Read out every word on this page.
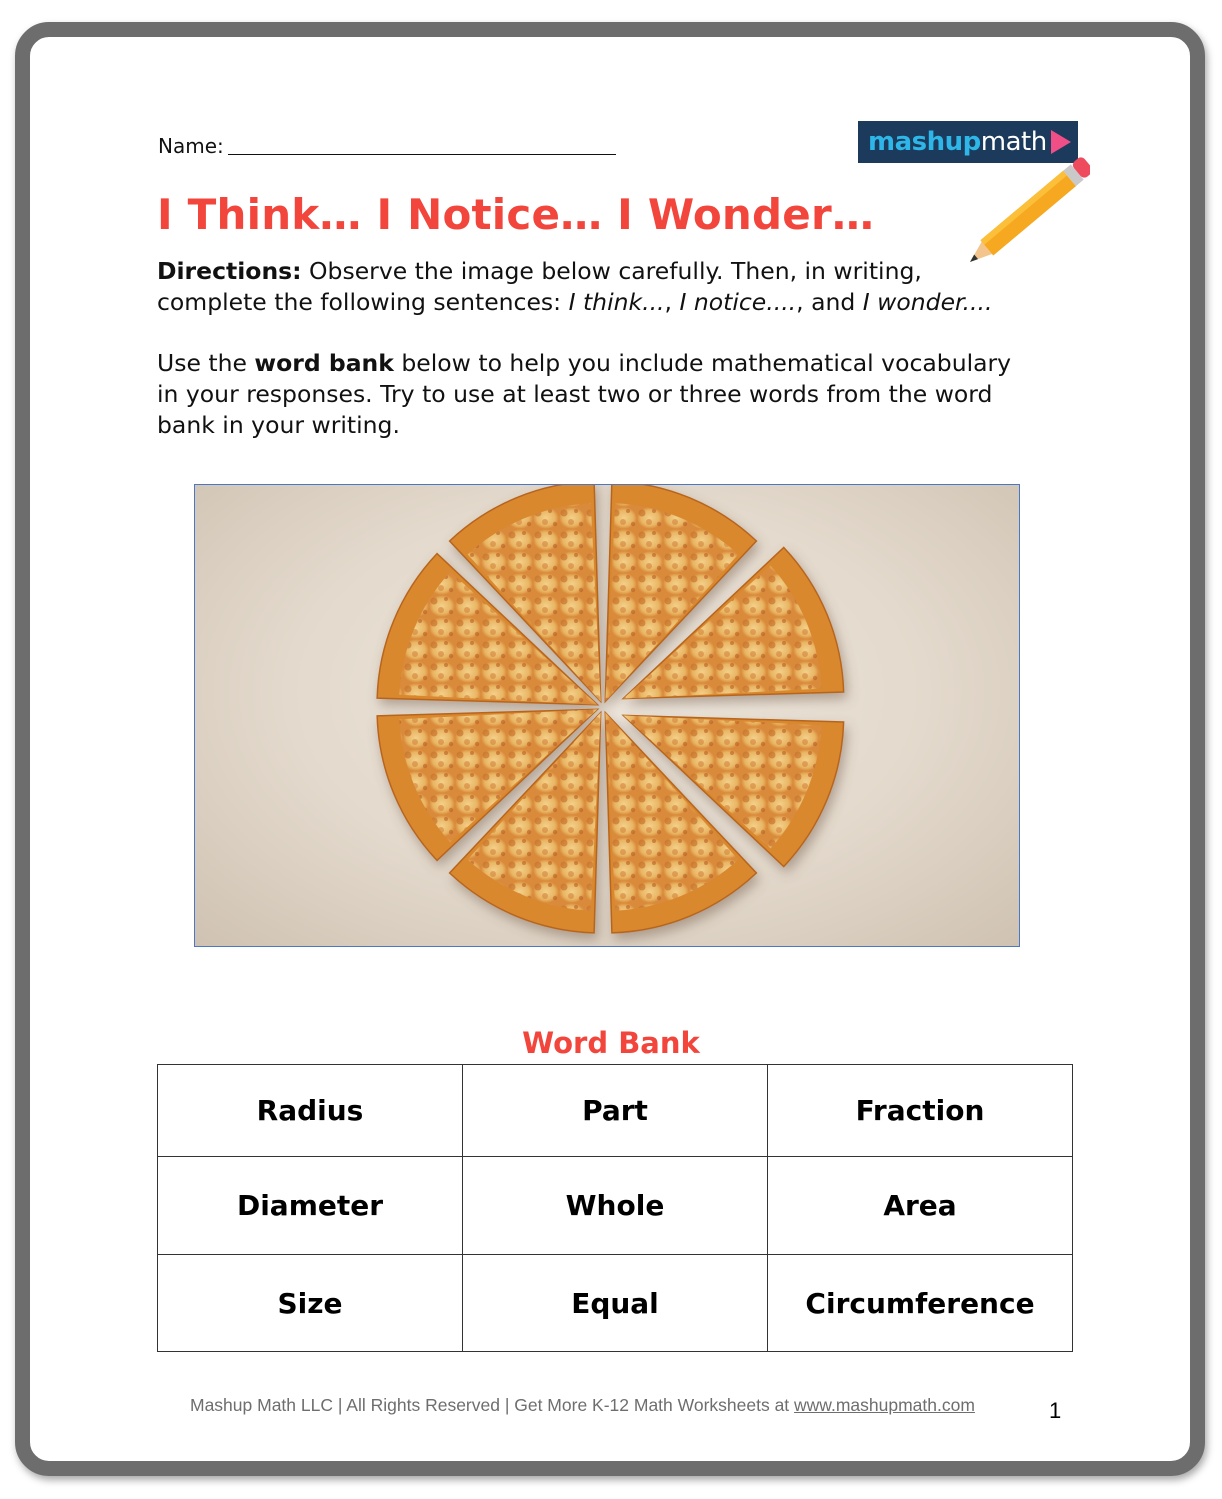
Name:	mashup math
I Think… I Notice… I Wonder…
Directions: Observe the image below carefully. Then, in writing, complete the following sentences: I think..., I notice...., and I wonder....
Use the word bank below to help you include mathematical vocabulary in your responses. Try to use at least two or three words from the word bank in your writing.
Word Bank
Radius	Part	Fraction
Diameter	Whole	Area
Size	Equal	Circumference
Mashup Math LLC | All Rights Reserved | Get More K-12 Math Worksheets at www.mashupmath.com	1
